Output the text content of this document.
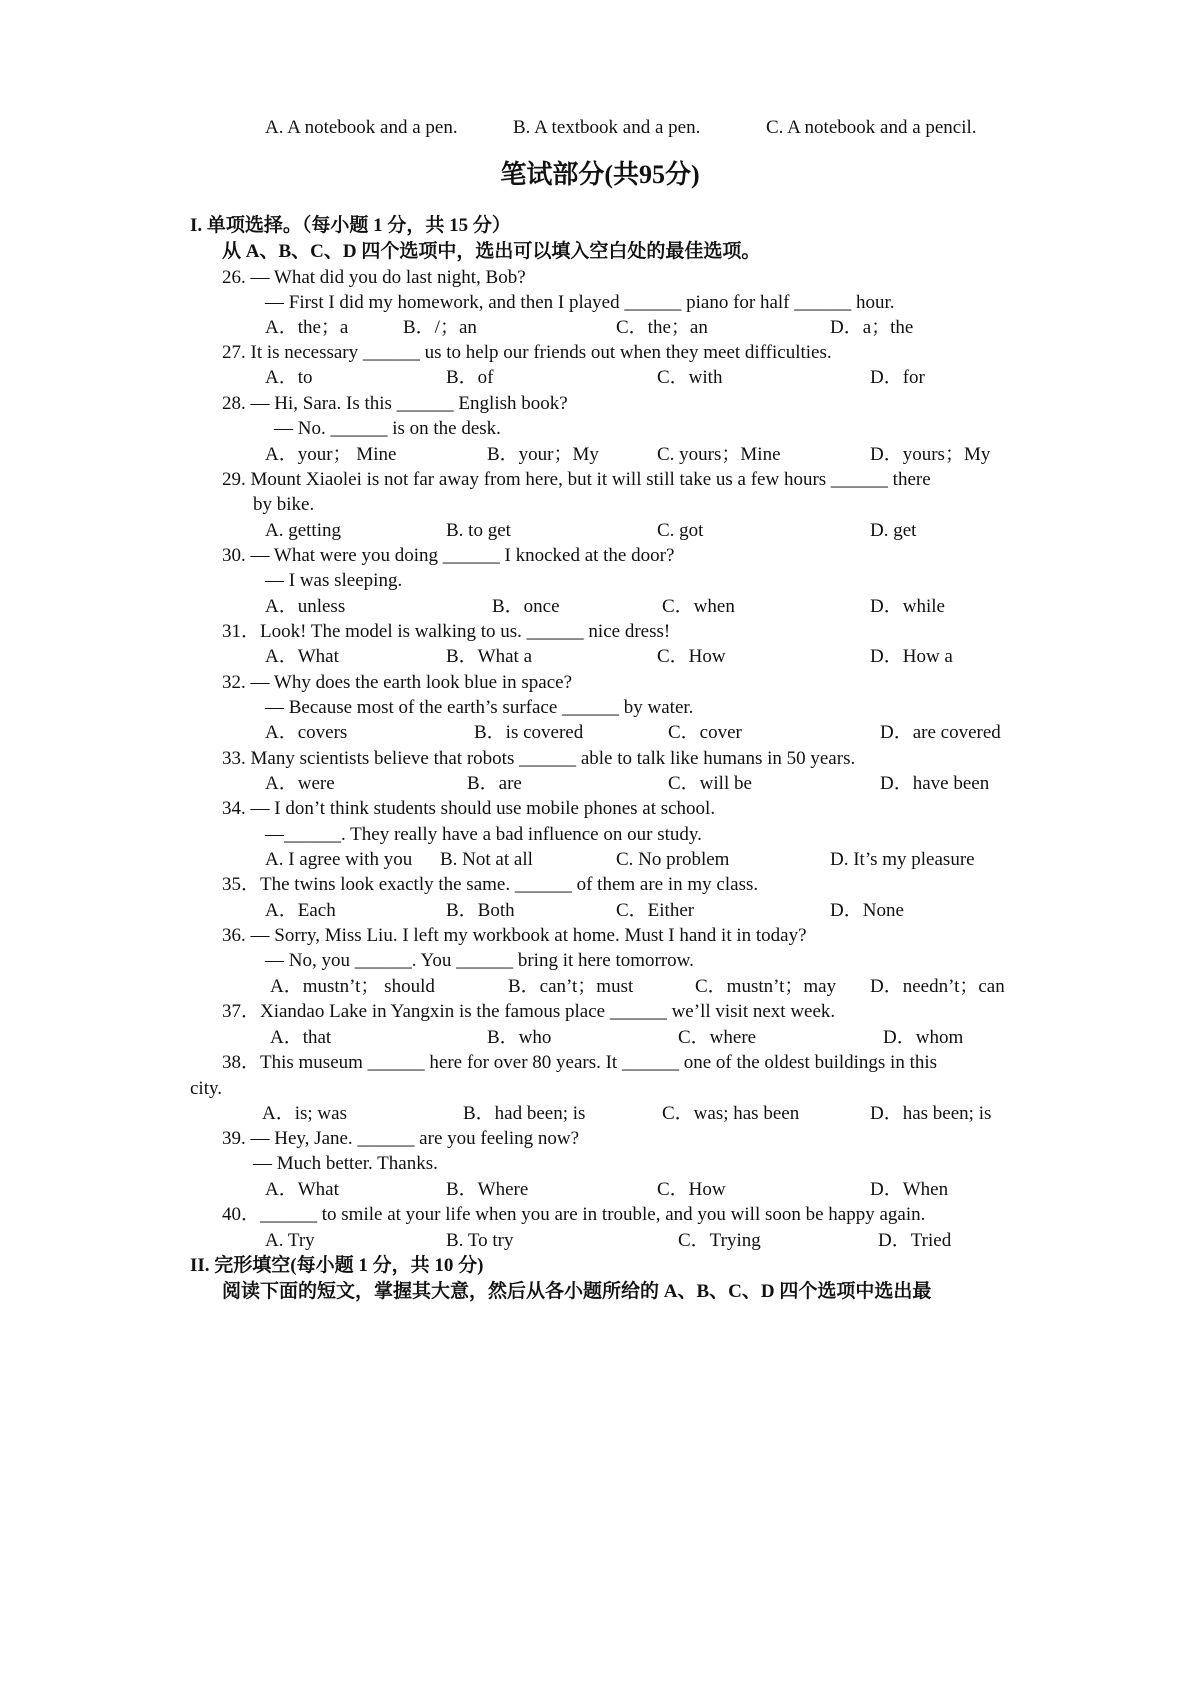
A. A notebook and a pen.	B. A textbook and a pen.	C. A notebook and a pencil.
笔试部分(共95分)
I. 单项选择。（每小题 1 分，共 15 分）
从 A、B、C、D 四个选项中，选出可以填入空白处的最佳选项。
26. — What did you do last night, Bob?
— First I did my homework, and then I played ______ piano for half ______ hour.
A．the；a	B．/；an	C．the；an	D．a；the
27. It is necessary ______ us to help our friends out when they meet difficulties.
A．to	B．of	C．with	D．for
28. — Hi, Sara. Is this ______ English book?
— No. ______ is on the desk.
A．your； Mine	B．your；My	C. yours；Mine	D．yours；My
29. Mount Xiaolei is not far away from here, but it will still take us a few hours ______ there
by bike.
A. getting	B. to get	C. got	D. get
30. — What were you doing ______ I knocked at the door?
— I was sleeping.
A．unless	B．once	C．when	D．while
31．Look! The model is walking to us. ______ nice dress!
A．What	B．What a	C．How	D．How a
32. — Why does the earth look blue in space?
— Because most of the earth’s surface ______ by water.
A．covers	B．is covered	C．cover	D．are covered
33. Many scientists believe that robots ______ able to talk like humans in 50 years.
A．were	B．are	C．will be	D．have been
34. — I don’t think students should use mobile phones at school.
—______. They really have a bad influence on our study.
A. I agree with you B. Not at all	C. No problem	D. It’s my pleasure
35．The twins look exactly the same. ______ of them are in my class.
A．Each	B．Both	C．Either	D．None
36. — Sorry, Miss Liu. I left my workbook at home. Must I hand it in today?
— No, you ______. You ______ bring it here tomorrow.
A．mustn’t； should	B．can’t；must	C．mustn’t；may D．needn’t；can
37．Xiandao Lake in Yangxin is the famous place ______ we’ll visit next week.
A．that	B．who	C．where	D．whom
38．This museum ______ here for over 80 years. It ______ one of the oldest buildings in this
city.
A．is; was	B．had been; is	C．was; has been	D．has been; is
39. — Hey, Jane. ______ are you feeling now?
— Much better. Thanks.
A．What	B．Where	C．How	D．When
40．______ to smile at your life when you are in trouble, and you will soon be happy again.
A. Try	B. To try	C．Trying	D．Tried
II. 完形填空(每小题 1 分，共 10 分)
阅读下面的短文，掌握其大意，然后从各小题所给的 A、B、C、D 四个选项中选出最
